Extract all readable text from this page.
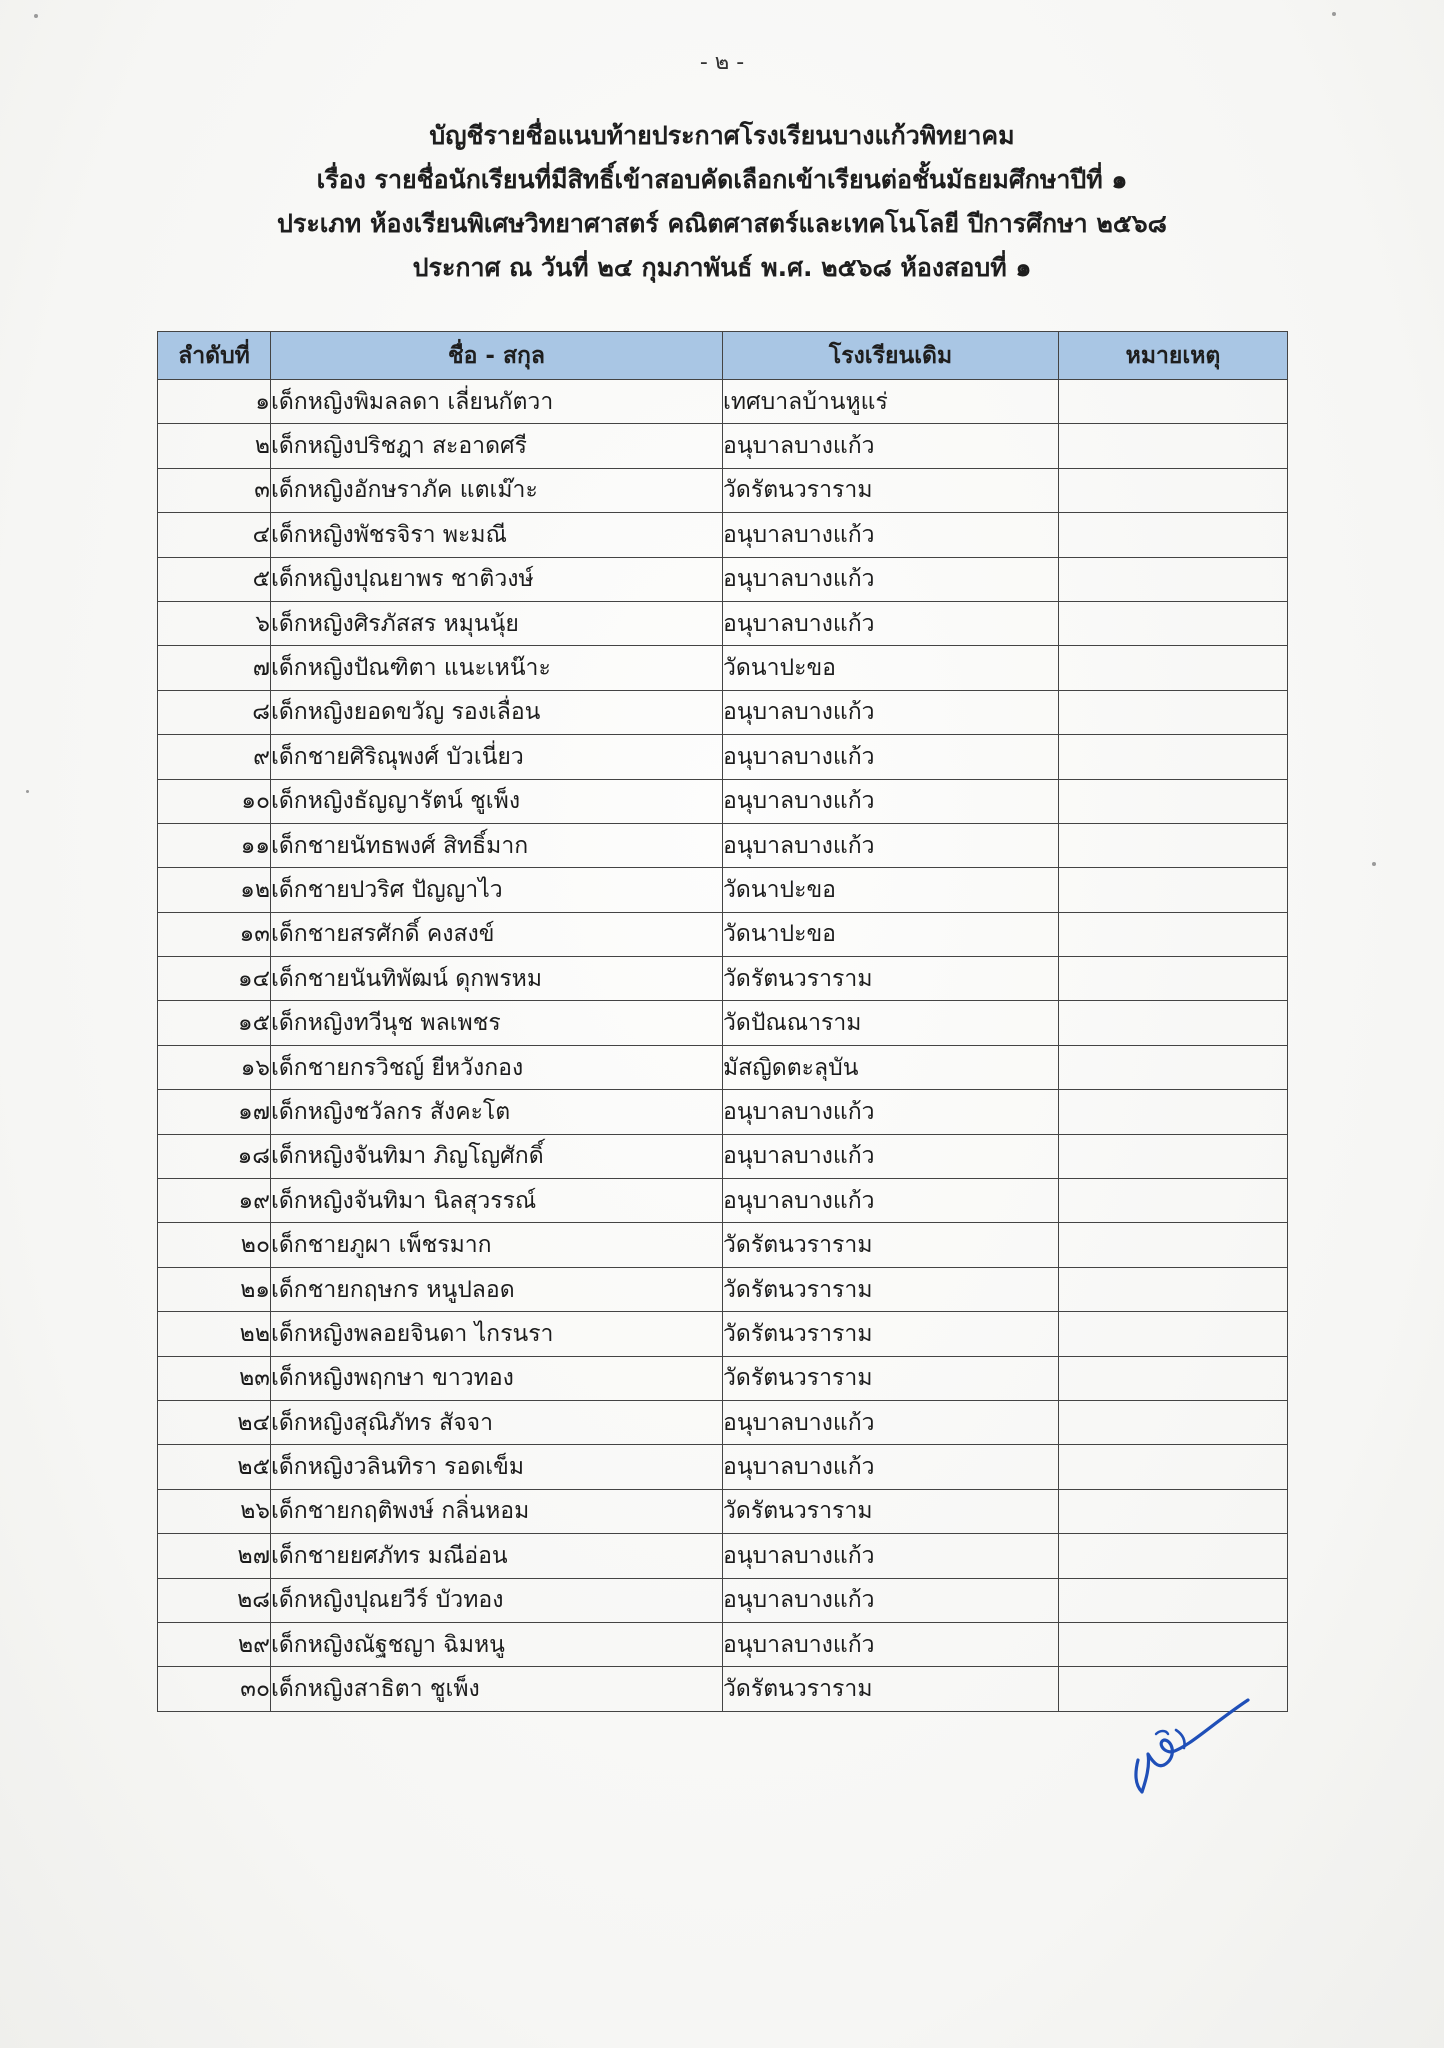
- ๒ -
บัญชีรายชื่อแนบท้ายประกาศโรงเรียนบางแก้วพิทยาคม
เรื่อง รายชื่อนักเรียนที่มีสิทธิ์เข้าสอบคัดเลือกเข้าเรียนต่อชั้นมัธยมศึกษาปีที่ ๑
ประเภท ห้องเรียนพิเศษวิทยาศาสตร์ คณิตศาสตร์และเทคโนโลยี ปีการศึกษา ๒๕๖๘
ประกาศ ณ วันที่ ๒๔ กุมภาพันธ์ พ.ศ. ๒๕๖๘ ห้องสอบที่ ๑
ลำดับที่	ชื่อ - สกุล	โรงเรียนเดิม	หมายเหตุ
๑	เด็กหญิงพิมลลดา เลี่ยนกัตวา	เทศบาลบ้านหูแร่	
๒	เด็กหญิงปริชฎา สะอาดศรี	อนุบาลบางแก้ว	
๓	เด็กหญิงอักษราภัค แตเม๊าะ	วัดรัตนวราราม	
๔	เด็กหญิงพัชรจิรา พะมณี	อนุบาลบางแก้ว	
๕	เด็กหญิงปุณยาพร ชาติวงษ์	อนุบาลบางแก้ว	
๖	เด็กหญิงศิรภัสสร หมุนนุ้ย	อนุบาลบางแก้ว	
๗	เด็กหญิงปัณฑิตา แนะเหน๊าะ	วัดนาปะขอ	
๘	เด็กหญิงยอดขวัญ รองเลื่อน	อนุบาลบางแก้ว	
๙	เด็กชายศิริณุพงศ์ บัวเนี่ยว	อนุบาลบางแก้ว	
๑๐	เด็กหญิงธัญญารัตน์ ชูเพ็ง	อนุบาลบางแก้ว	
๑๑	เด็กชายนัทธพงศ์ สิทธิ์มาก	อนุบาลบางแก้ว	
๑๒	เด็กชายปวริศ ปัญญาไว	วัดนาปะขอ	
๑๓	เด็กชายสรศักดิ์ คงสงข์	วัดนาปะขอ	
๑๔	เด็กชายนันทิพัฒน์ ดุกพรหม	วัดรัตนวราราม	
๑๕	เด็กหญิงทวีนุช พลเพชร	วัดปัณณาราม	
๑๖	เด็กชายกรวิชญ์ ยีหวังกอง	มัสญิดตะลุบัน	
๑๗	เด็กหญิงชวัลกร สังคะโต	อนุบาลบางแก้ว	
๑๘	เด็กหญิงจันทิมา ภิญโญศักดิ์	อนุบาลบางแก้ว	
๑๙	เด็กหญิงจันทิมา นิลสุวรรณ์	อนุบาลบางแก้ว	
๒๐	เด็กชายภูผา เพ็ชรมาก	วัดรัตนวราราม	
๒๑	เด็กชายกฤษกร หนูปลอด	วัดรัตนวราราม	
๒๒	เด็กหญิงพลอยจินดา ไกรนรา	วัดรัตนวราราม	
๒๓	เด็กหญิงพฤกษา ขาวทอง	วัดรัตนวราราม	
๒๔	เด็กหญิงสุณิภัทร สัจจา	อนุบาลบางแก้ว	
๒๕	เด็กหญิงวลินทิรา รอดเข็ม	อนุบาลบางแก้ว	
๒๖	เด็กชายกฤติพงษ์ กลิ่นหอม	วัดรัตนวราราม	
๒๗	เด็กชายยศภัทร มณีอ่อน	อนุบาลบางแก้ว	
๒๘	เด็กหญิงปุณยวีร์ บัวทอง	อนุบาลบางแก้ว	
๒๙	เด็กหญิงณัฐชญา ฉิมหนู	อนุบาลบางแก้ว	
๓๐	เด็กหญิงสาธิตา ชูเพ็ง	วัดรัตนวราราม	
